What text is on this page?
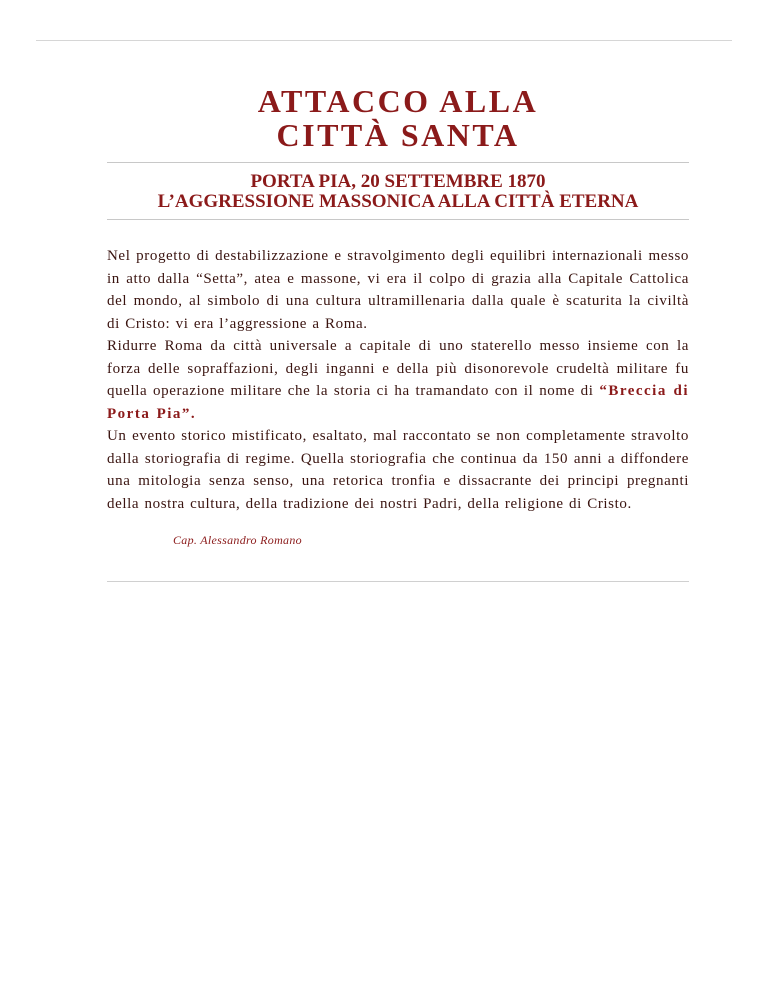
ATTACCO ALLA
CITTÀ SANTA
PORTA PIA, 20 SETTEMBRE 1870
L’AGGRESSIONE MASSONICA ALLA CITTÀ ETERNA

Nel progetto di destabilizzazione e stravolgimento degli equilibri internazionali messo in atto dalla “Setta”, atea e massone, vi era il colpo di grazia alla Capitale Cattolica del mondo, al simbolo di una cultura ultramillenaria dalla quale è scaturita la civiltà di Cristo: vi era l’aggressione a Roma.

Ridurre Roma da città universale a capitale di uno staterello messo insieme con la forza delle sopraffazioni, degli inganni e della più disonorevole crudeltà militare fu quella operazione militare che la storia ci ha tramandato con il nome di “Breccia di Porta Pia”.

Un evento storico mistificato, esaltato, mal raccontato se non completamente stravolto dalla storiografia di regime. Quella storiografia che continua da 150 anni a diffondere una mitologia senza senso, una retorica tronfia e dissacrante dei principi pregnanti della nostra cultura, della tradizione dei nostri Padri, della religione di Cristo.

Cap. Alessandro Romano
